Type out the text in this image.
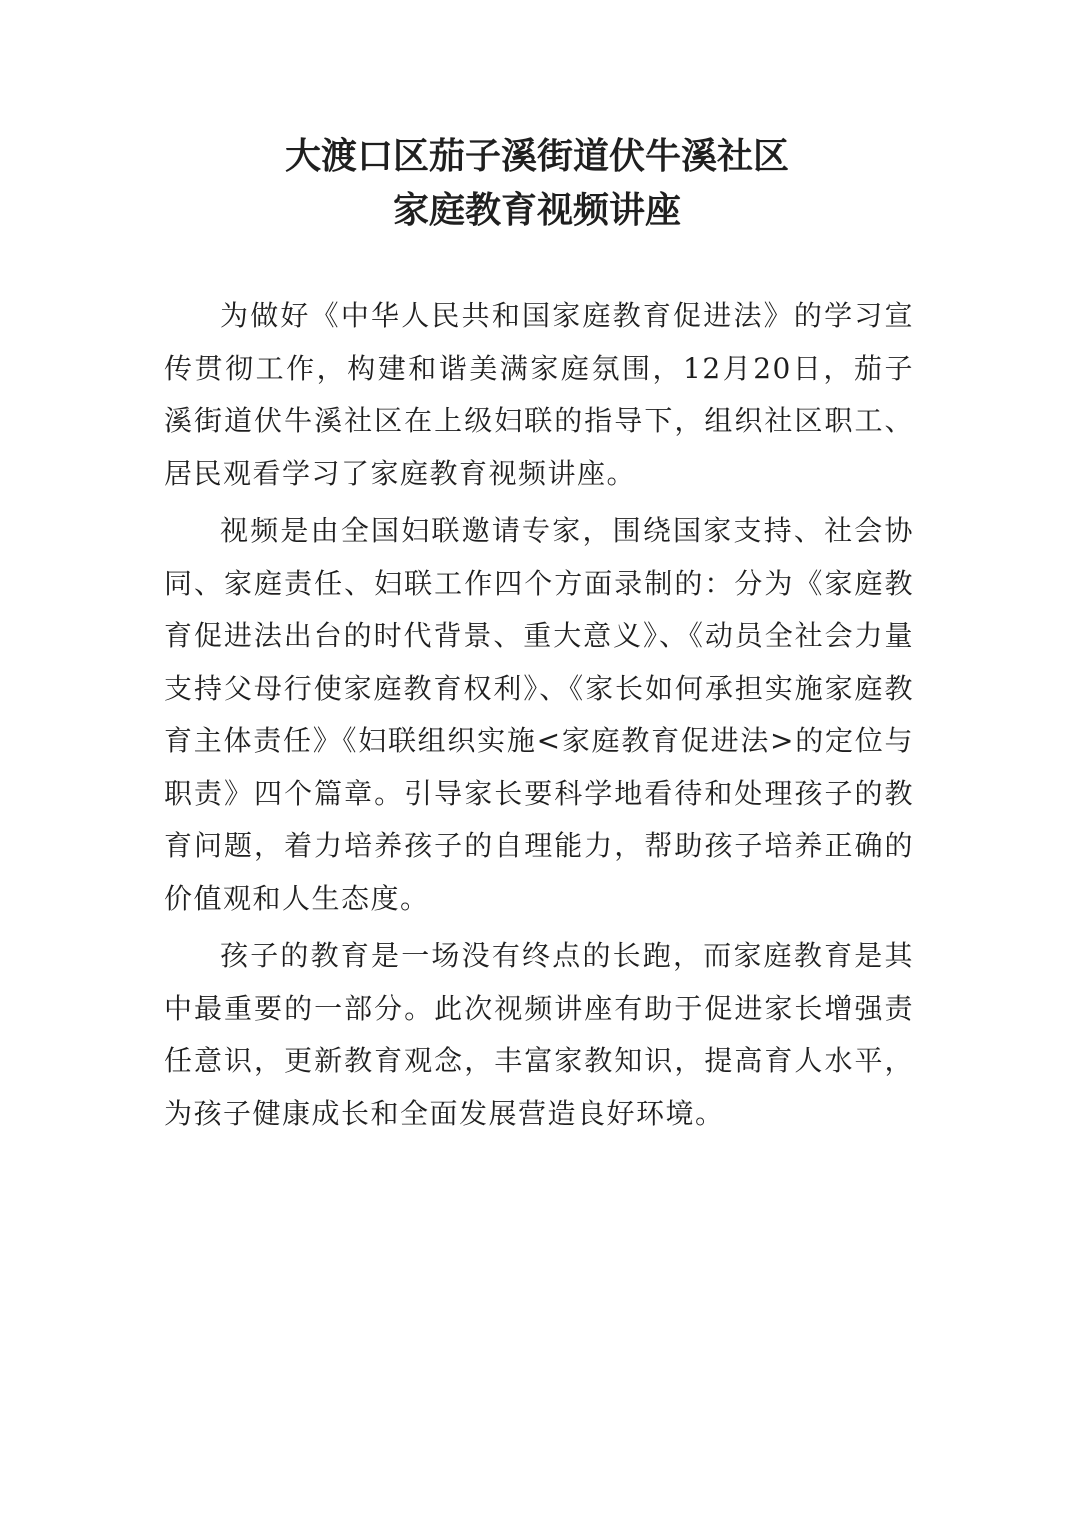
大渡口区茄子溪街道伏牛溪社区
家庭教育视频讲座

为做好《中华人民共和国家庭教育促进法》的学习宣传贯彻工作，构建和谐美满家庭氛围，12月20日，茄子溪街道伏牛溪社区在上级妇联的指导下，组织社区职工、居民观看学习了家庭教育视频讲座。

视频是由全国妇联邀请专家，围绕国家支持、社会协同、家庭责任、妇联工作四个方面录制的：分为《家庭教育促进法出台的时代背景、重大意义》、《动员全社会力量支持父母行使家庭教育权利》、《家长如何承担实施家庭教育主体责任》《妇联组织实施<家庭教育促进法>的定位与职责》四个篇章。引导家长要科学地看待和处理孩子的教育问题，着力培养孩子的自理能力，帮助孩子培养正确的价值观和人生态度。

孩子的教育是一场没有终点的长跑，而家庭教育是其中最重要的一部分。此次视频讲座有助于促进家长增强责任意识，更新教育观念，丰富家教知识，提高育人水平，为孩子健康成长和全面发展营造良好环境。
